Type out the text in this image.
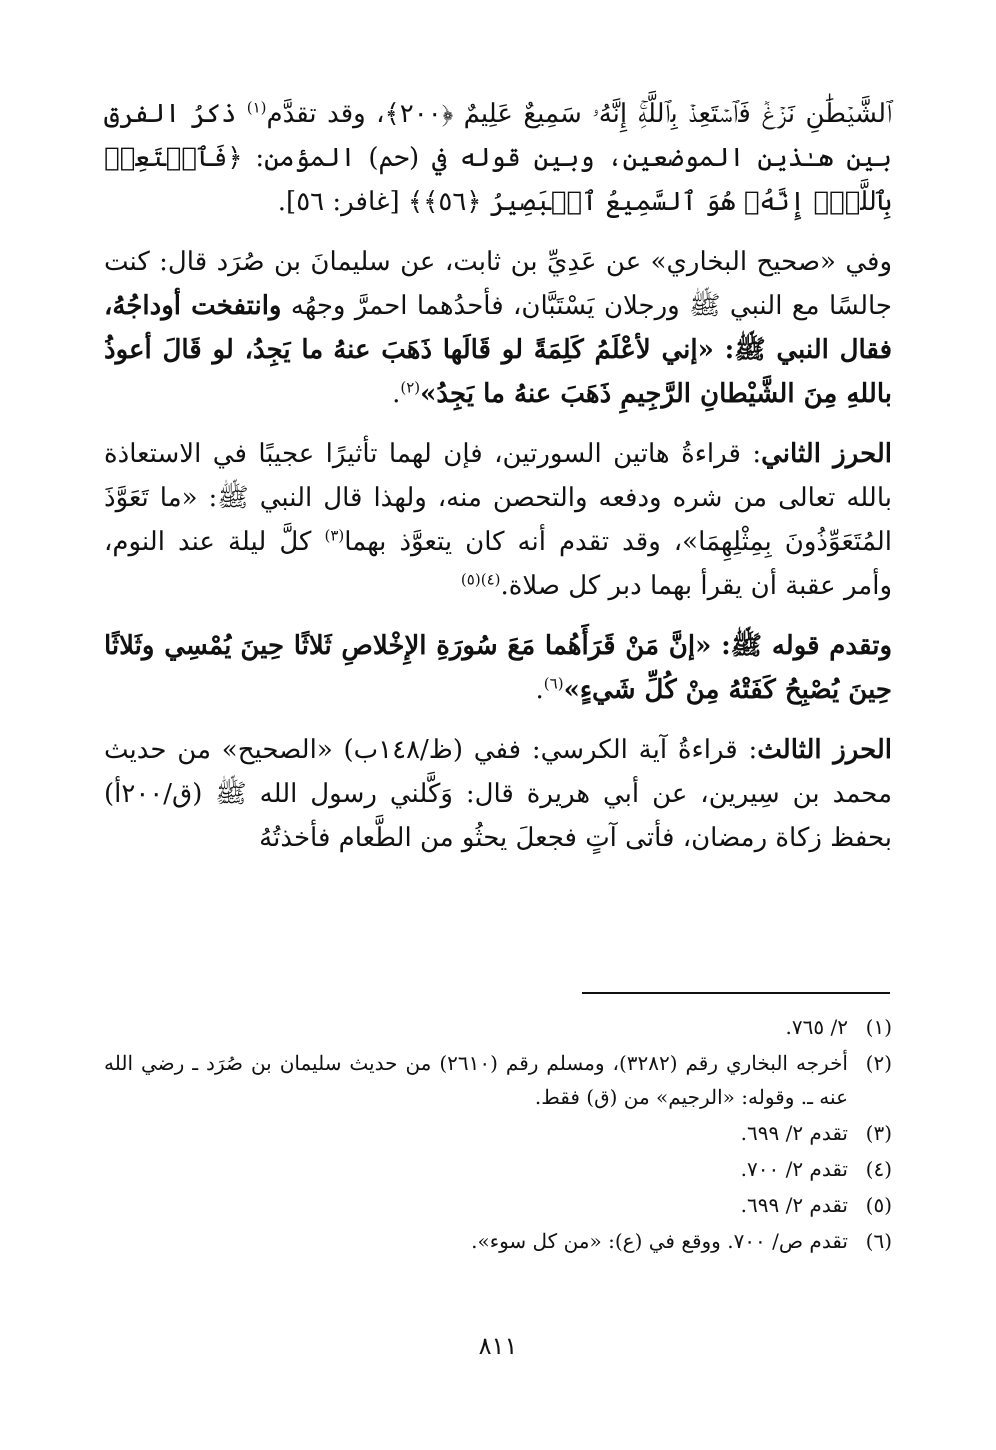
ٱلشَّيۡطَٰنِ نَزۡغٞ فَٱسۡتَعِذۡ بِٱللَّهِۚ إِنَّهُۥ سَمِيعٌ عَلِيمٌ ﴿٢٠٠﴾، وقد تقدَّم$^{(١)}$ ذكرُ الفرق بين هـٰذين الموضعين، وبين قوله في (حم) المؤمن: ﴿فَٱسۡتَعِذۡ بِٱللَّهِۖ إِنَّهُۥ هُوَ ٱلسَّمِيعُ ٱلۡبَصِيرُ ﴿٥٦﴾﴾ [غافر: ٥٦].

وفي «صحيح البخاري» عن عَدِيِّ بن ثابت، عن سليمانَ بن صُرَد قال: كنت جالسًا مع النبي ﷺ ورجلان يَسْتَبَّان، فأحدُهما احمرَّ وجهُه وانتفخت أوداجُهُ، فقال النبي ﷺ: «إني لأعْلَمُ كَلِمَةً لو قَالَها ذَهَبَ عنهُ ما يَجِدُ، لو قَالَ أعوذُ باللهِ مِنَ الشَّيْطانِ الرَّجِيمِ ذَهَبَ عنهُ ما يَجِدُ»$^{(٢)}$.

الحرز الثاني: قراءةُ هاتين السورتين، فإن لهما تأثيرًا عجيبًا في الاستعاذة بالله تعالى من شره ودفعه والتحصن منه، ولهذا قال النبي ﷺ: «ما تَعَوَّذَ المُتَعَوِّذُونَ بِمِثْلِهِمَا»، وقد تقدم أنه كان يتعوَّذ بهما$^{(٣)}$ كلَّ ليلة عند النوم، وأمر عقبة أن يقرأ بهما دبر كل صلاة.$^{(٤)(٥)}$

وتقدم قوله ﷺ: «إنَّ مَنْ قَرَأَهُما مَعَ سُورَةِ الإِخْلاصِ ثَلاثًا حِينَ يُمْسِي وثَلاثًا حِينَ يُصْبِحُ كَفَتْهُ مِنْ كُلِّ شَيءٍ»$^{(٦)}$.

الحرز الثالث: قراءةُ آية الكرسي: ففي (ظ/١٤٨ب) «الصحيح» من حديث محمد بن سِيرين، عن أبي هريرة قال: وَكَّلني رسول الله ﷺ (ق/٢٠٠أ) بحفظ زكاة رمضان، فأتى آتٍ فجعلَ يحثُو من الطَّعام فأخذتُهُ

(١)
٢/ ٧٦٥.
(٢)
أخرجه البخاري رقم (٣٢٨٢)، ومسلم رقم (٢٦١٠) من حديث سليمان بن صُرَد ـ رضي الله عنه ـ. وقوله: «الرجيم» من (ق) فقط.
(٣)
تقدم ٢/ ٦٩٩.
(٤)
تقدم ٢/ ٧٠٠.
(٥)
تقدم ٢/ ٦٩٩.
(٦)
تقدم ص/ ٧٠٠. ووقع في (ع): «من كل سوء».
٨١١
